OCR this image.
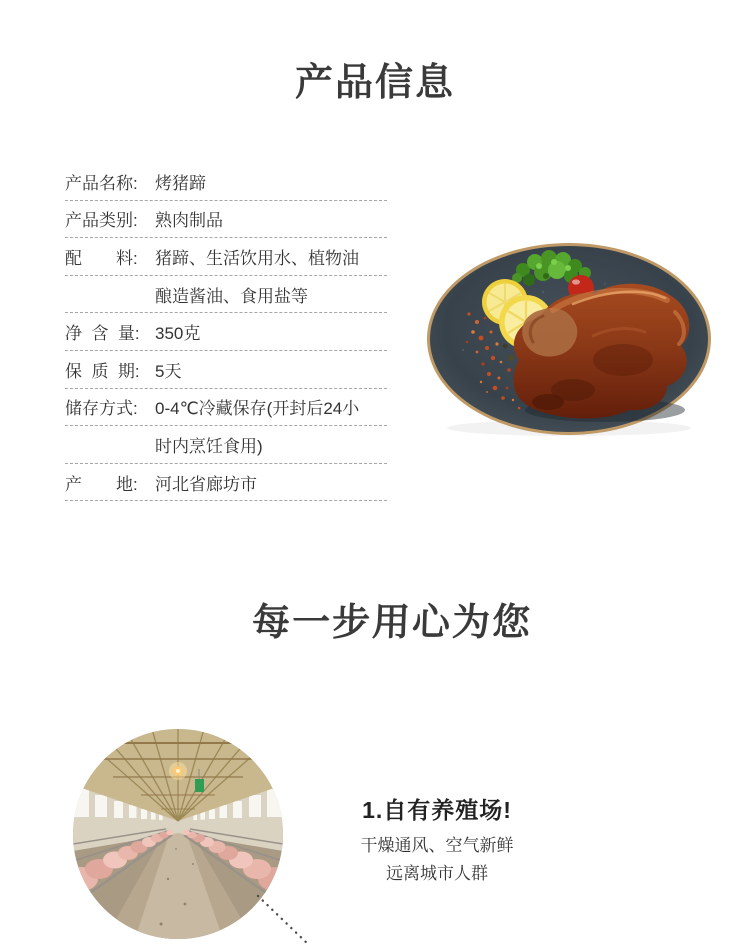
产品信息
产品名称:	烤猪蹄
产品类别:	熟肉制品
配　　料:	猪蹄、生活饮用水、植物油
酿造酱油、食用盐等
净  含  量: 350克
保  质  期: 5天
储存方式:	0-4℃冷藏保存(开封后24小
时内烹饪食用)
产　　地:	河北省廊坊市
每一步用心为您
1.自有养殖场!
干燥通风、空气新鲜
远离城市人群
